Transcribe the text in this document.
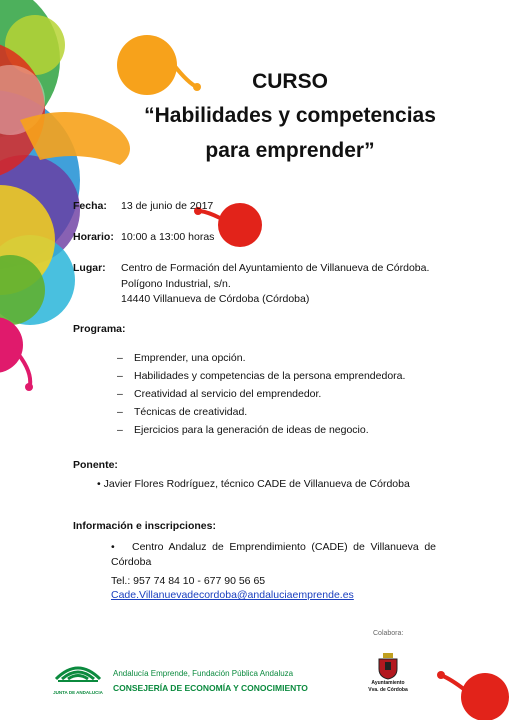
CURSO
“Habilidades y competencias
para emprender”
Fecha: 13 de junio de 2017
Horario: 10:00 a 13:00 horas
Lugar: Centro de Formación del Ayuntamiento de Villanueva de Córdoba.
Polígono Industrial, s/n.
14440 Villanueva de Córdoba (Córdoba)
Programa:
– Emprender, una opción.
– Habilidades y competencias de la persona emprendedora.
– Creatividad al servicio del emprendedor.
– Técnicas de creatividad.
– Ejercicios para la generación de ideas de negocio.
Ponente:
• Javier Flores Rodríguez, técnico CADE de Villanueva de Córdoba
Información e inscripciones:
• Centro Andaluz de Emprendimiento (CADE) de Villanueva de
Córdoba
Tel.: 957 74 84 10 - 677 90 56 65
Cade.Villanuevadecordoba@andaluciaemprende.es
Colabora:
JUNTA DE ANDALUCIA
Andalucía Emprende, Fundación Pública Andaluza
CONSEJERÍA DE ECONOMÍA Y CONOCIMIENTO	Ayuntamiento
Vva. de Córdoba
